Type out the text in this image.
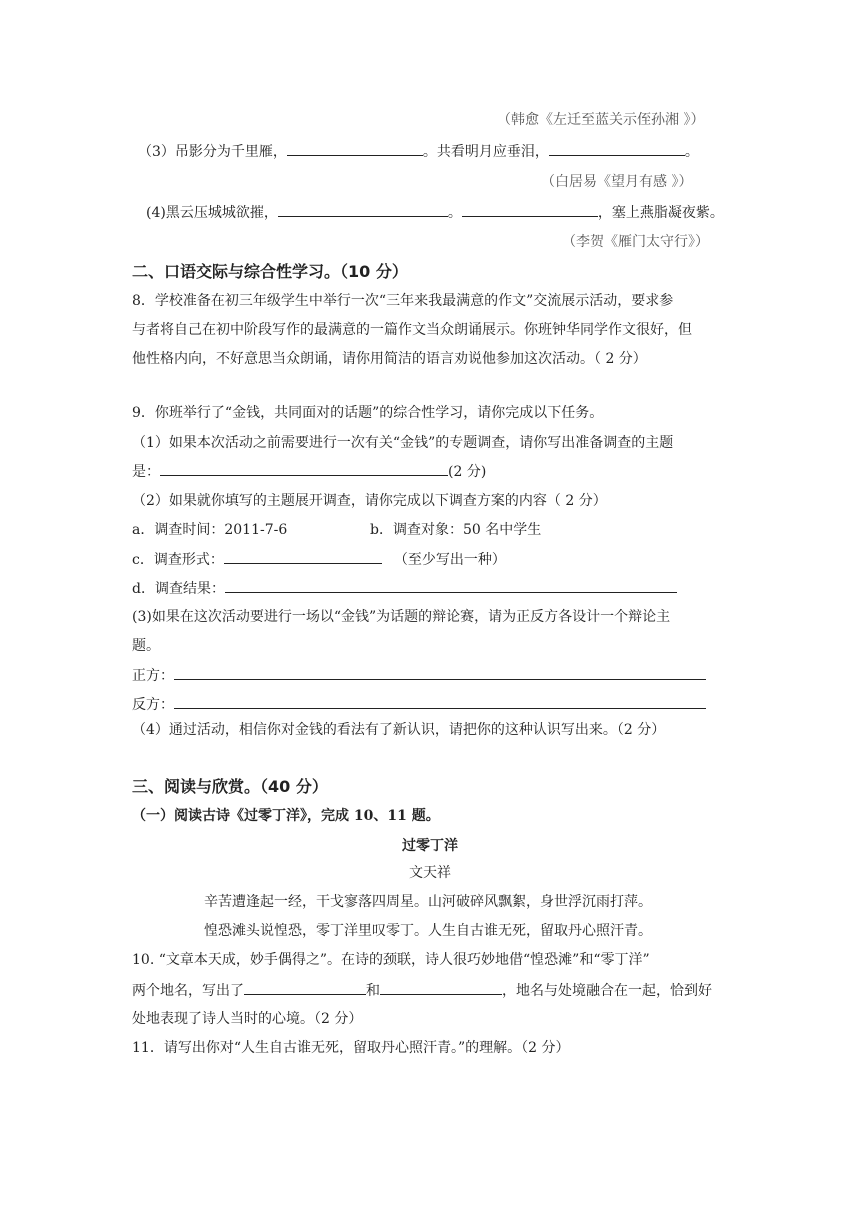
（韩愈《左迁至蓝关示侄孙湘 》）
（3）吊影分为千里雁，	。共看明月应垂泪，	。
（白居易《望月有感 》）
(4)黑云压城城欲摧，	。	，塞上燕脂凝夜紫。
（李贺《雁门太守行》）
二、口语交际与综合性学习。（10 分）
8．学校准备在初三年级学生中举行一次“三年来我最满意的作文”交流展示活动，要求参
与者将自己在初中阶段写作的最满意的一篇作文当众朗诵展示。你班钟华同学作文很好，但
他性格内向，不好意思当众朗诵，请你用简洁的语言劝说他参加这次活动。（ 2 分）
9．你班举行了“金钱，共同面对的话题”的综合性学习，请你完成以下任务。
（1）如果本次活动之前需要进行一次有关“金钱”的专题调查，请你写出准备调查的主题
是：	(2 分)
（2）如果就你填写的主题展开调查，请你完成以下调查方案的内容（ 2 分）
a．调查时间：2011-7-6	b．调查对象：50 名中学生
c．调查形式：	（至少写出一种）
d．调查结果：
(3)如果在这次活动要进行一场以“金钱”为话题的辩论赛，请为正反方各设计一个辩论主
题。
正方：
反方：
（4）通过活动，相信你对金钱的看法有了新认识，请把你的这种认识写出来。（2 分）
三、阅读与欣赏。（40 分）
（一）阅读古诗《过零丁洋》，完成 10、11 题。
过零丁洋
文天祥
辛苦遭逢起一经，干戈寥落四周星。山河破碎风飘絮，身世浮沉雨打萍。
惶恐滩头说惶恐，零丁洋里叹零丁。人生自古谁无死，留取丹心照汗青。
10. “文章本天成，妙手偶得之”。在诗的颈联，诗人很巧妙地借“惶恐滩”和“零丁洋”
两个地名，写出了	和	，地名与处境融合在一起，恰到好
处地表现了诗人当时的心境。（2 分）
11．请写出你对“人生自古谁无死，留取丹心照汗青。”的理解。（2 分）
